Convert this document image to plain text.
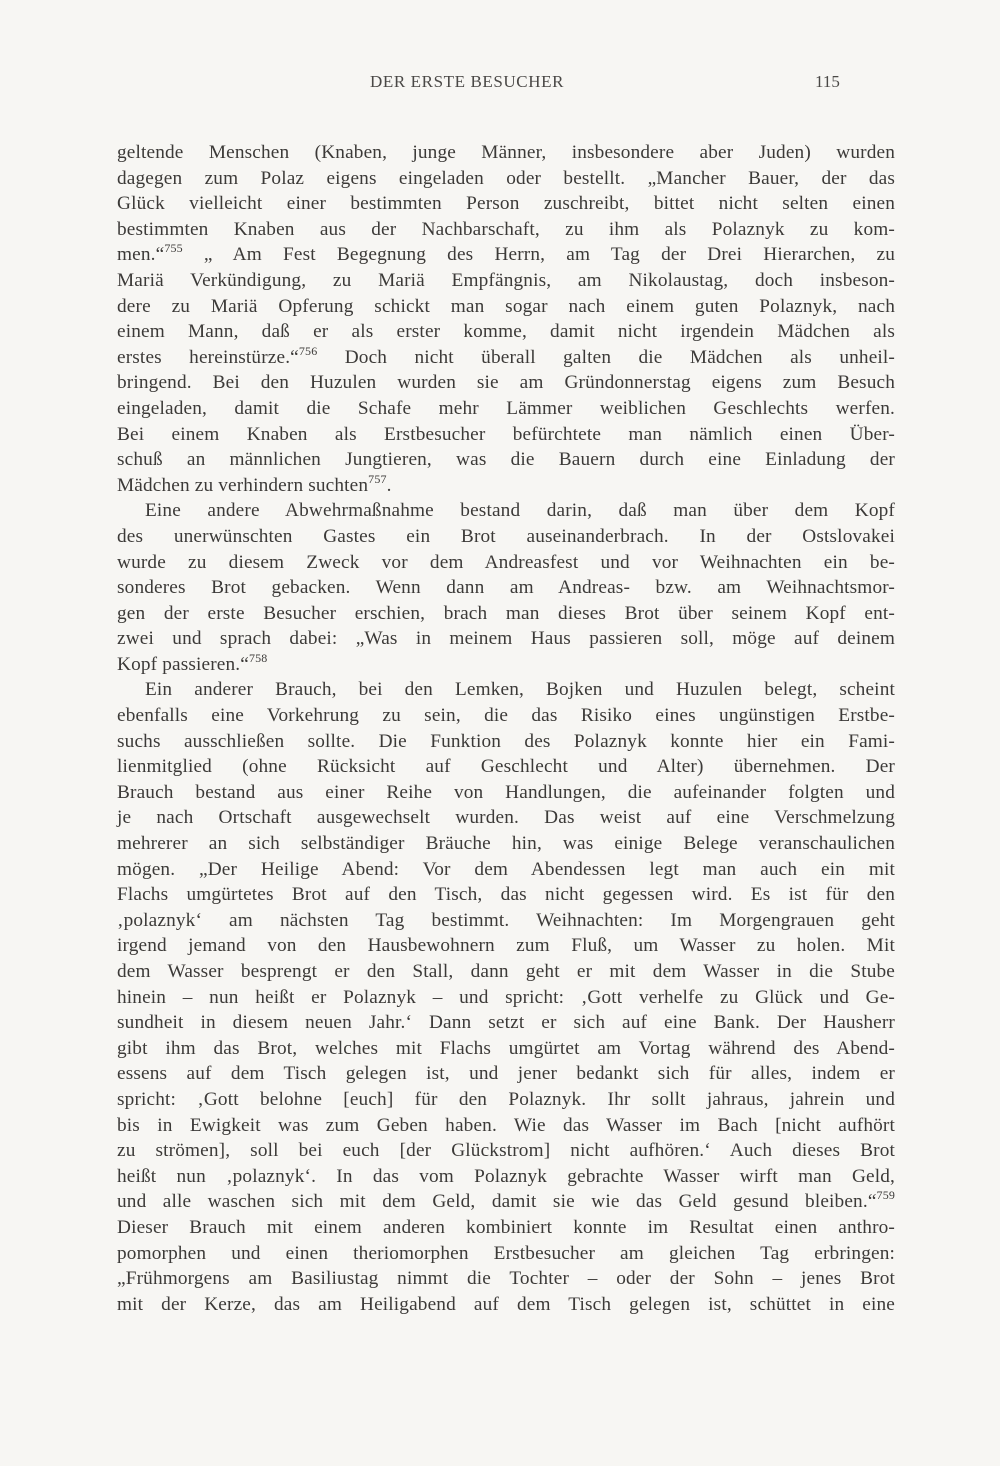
DER ERSTE BESUCHER	115
geltende Menschen (Knaben, junge Männer, insbesondere aber Juden) wurden
dagegen zum Polaz eigens eingeladen oder bestellt. „Mancher Bauer, der das
Glück vielleicht einer bestimmten Person zuschreibt, bittet nicht selten einen
bestimmten Knaben aus der Nachbarschaft, zu ihm als Polaznyk zu kom-
men.“$^{755}$ „ Am Fest Begegnung des Herrn, am Tag der Drei Hierarchen, zu
Mariä Verkündigung, zu Mariä Empfängnis, am Nikolaustag, doch insbeson-
dere zu Mariä Opferung schickt man sogar nach einem guten Polaznyk, nach
einem Mann, daß er als erster komme, damit nicht irgendein Mädchen als
erstes hereinstürze.“$^{756}$ Doch nicht überall galten die Mädchen als unheil-
bringend. Bei den Huzulen wurden sie am Gründonnerstag eigens zum Besuch
eingeladen, damit die Schafe mehr Lämmer weiblichen Geschlechts werfen.
Bei einem Knaben als Erstbesucher befürchtete man nämlich einen Über-
schuß an männlichen Jungtieren, was die Bauern durch eine Einladung der
Mädchen zu verhindern suchten$^{757}$.
Eine andere Abwehrmaßnahme bestand darin, daß man über dem Kopf
des unerwünschten Gastes ein Brot auseinanderbrach. In der Ostslovakei
wurde zu diesem Zweck vor dem Andreasfest und vor Weihnachten ein be-
sonderes Brot gebacken. Wenn dann am Andreas- bzw. am Weihnachtsmor-
gen der erste Besucher erschien, brach man dieses Brot über seinem Kopf ent-
zwei und sprach dabei: „Was in meinem Haus passieren soll, möge auf deinem
Kopf passieren.“$^{758}$
Ein anderer Brauch, bei den Lemken, Bojken und Huzulen belegt, scheint
ebenfalls eine Vorkehrung zu sein, die das Risiko eines ungünstigen Erstbe-
suchs ausschließen sollte. Die Funktion des Polaznyk konnte hier ein Fami-
lienmitglied (ohne Rücksicht auf Geschlecht und Alter) übernehmen. Der
Brauch bestand aus einer Reihe von Handlungen, die aufeinander folgten und
je nach Ortschaft ausgewechselt wurden. Das weist auf eine Verschmelzung
mehrerer an sich selbständiger Bräuche hin, was einige Belege veranschaulichen
mögen. „Der Heilige Abend: Vor dem Abendessen legt man auch ein mit
Flachs umgürtetes Brot auf den Tisch, das nicht gegessen wird. Es ist für den
‚polaznyk‘ am nächsten Tag bestimmt. Weihnachten: Im Morgengrauen geht
irgend jemand von den Hausbewohnern zum Fluß, um Wasser zu holen. Mit
dem Wasser besprengt er den Stall, dann geht er mit dem Wasser in die Stube
hinein – nun heißt er Polaznyk – und spricht: ‚Gott verhelfe zu Glück und Ge-
sundheit in diesem neuen Jahr.‘ Dann setzt er sich auf eine Bank. Der Hausherr
gibt ihm das Brot, welches mit Flachs umgürtet am Vortag während des Abend-
essens auf dem Tisch gelegen ist, und jener bedankt sich für alles, indem er
spricht: ‚Gott belohne [euch] für den Polaznyk. Ihr sollt jahraus, jahrein und
bis in Ewigkeit was zum Geben haben. Wie das Wasser im Bach [nicht aufhört
zu strömen], soll bei euch [der Glückstrom] nicht aufhören.‘ Auch dieses Brot
heißt nun ‚polaznyk‘. In das vom Polaznyk gebrachte Wasser wirft man Geld,
und alle waschen sich mit dem Geld, damit sie wie das Geld gesund bleiben.“$^{759}$
Dieser Brauch mit einem anderen kombiniert konnte im Resultat einen anthro-
pomorphen und einen theriomorphen Erstbesucher am gleichen Tag erbringen:
„Frühmorgens am Basiliustag nimmt die Tochter – oder der Sohn – jenes Brot
mit der Kerze, das am Heiligabend auf dem Tisch gelegen ist, schüttet in eine
